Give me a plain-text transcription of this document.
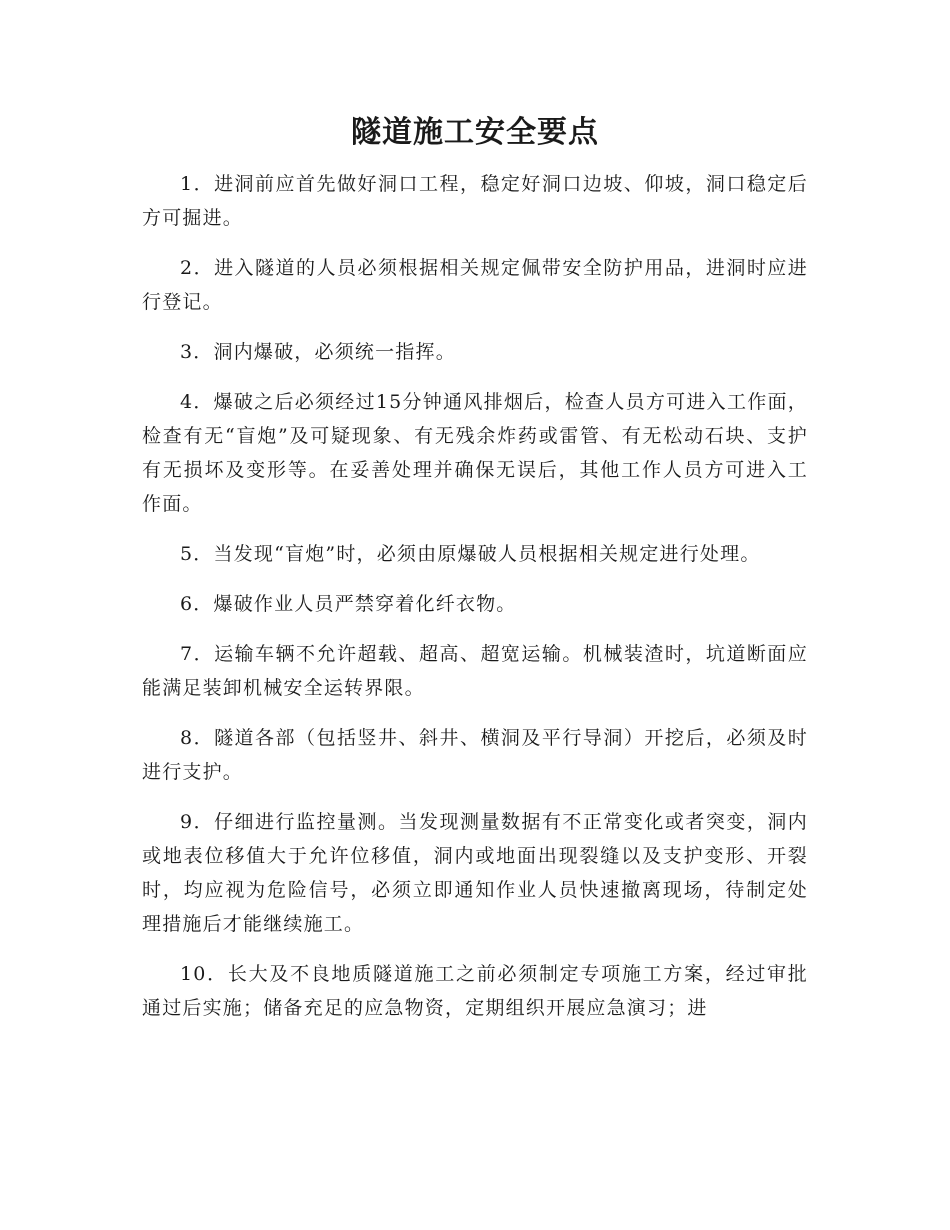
隧道施工安全要点

1．进洞前应首先做好洞口工程，稳定好洞口边坡、仰坡，洞口稳定后方可掘进。

2．进入隧道的人员必须根据相关规定佩带安全防护用品，进洞时应进行登记。

3．洞内爆破，必须统一指挥。

4．爆破之后必须经过15分钟通风排烟后，检查人员方可进入工作面，检查有无“盲炮”及可疑现象、有无残余炸药或雷管、有无松动石块、支护有无损坏及变形等。在妥善处理并确保无误后，其他工作人员方可进入工作面。

5．当发现“盲炮”时，必须由原爆破人员根据相关规定进行处理。

6．爆破作业人员严禁穿着化纤衣物。

7．运输车辆不允许超载、超高、超宽运输。机械装渣时，坑道断面应能满足装卸机械安全运转界限。

8．隧道各部（包括竖井、斜井、横洞及平行导洞）开挖后，必须及时进行支护。

9．仔细进行监控量测。当发现测量数据有不正常变化或者突变，洞内或地表位移值大于允许位移值，洞内或地面出现裂缝以及支护变形、开裂时，均应视为危险信号，必须立即通知作业人员快速撤离现场，待制定处理措施后才能继续施工。

10．长大及不良地质隧道施工之前必须制定专项施工方案，经过审批通过后实施；储备充足的应急物资，定期组织开展应急演习；进
